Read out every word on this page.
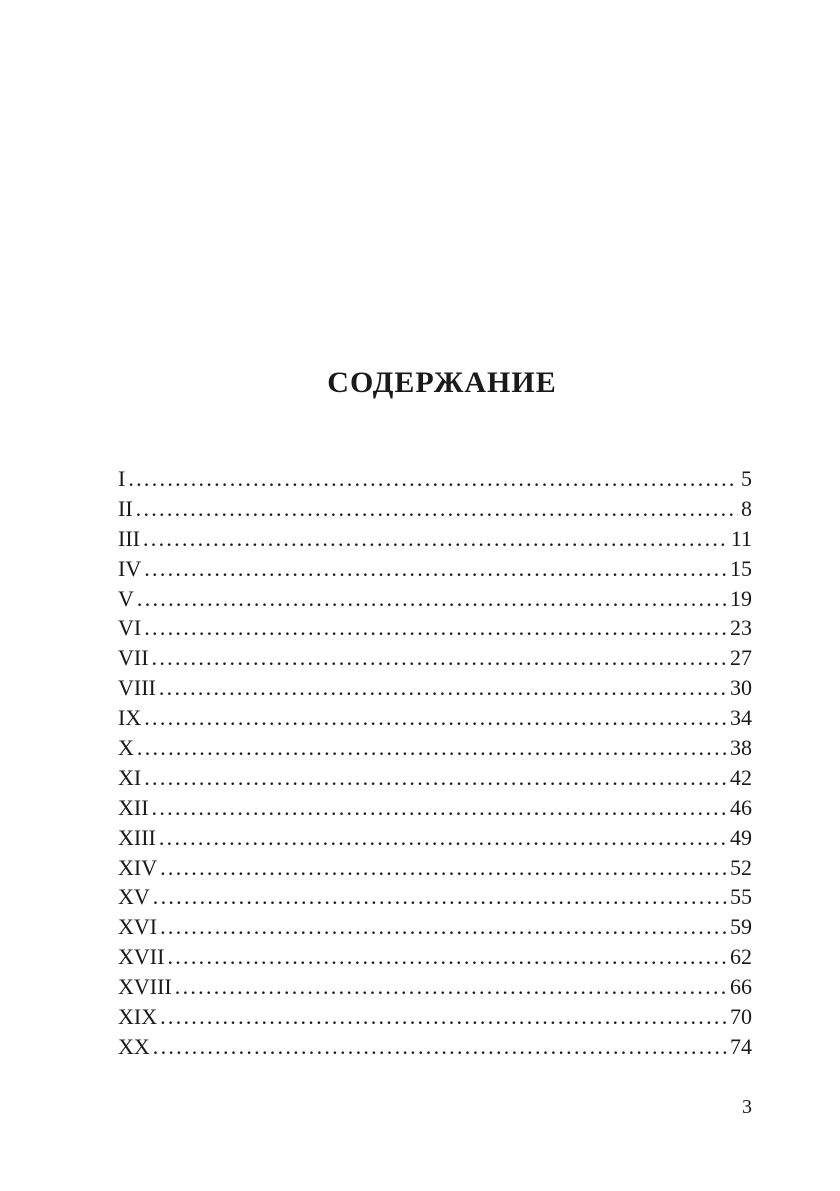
СОДЕРЖАНИЕ
I . . .	5
II . . .	8
III . . .	11
IV . . .	15
V . . .	19
VI . . .	23
VII . . .	27
VIII . . .	30
IX . . .	34
X . . .	38
XI . . .	42
XII . . .	46
XIII . . .	49
XIV . . .	52
XV . . .	55
XVI . . .	59
XVII . . .	62
XVIII . . .	66
XIX . . .	70
XX . . .	74
3
